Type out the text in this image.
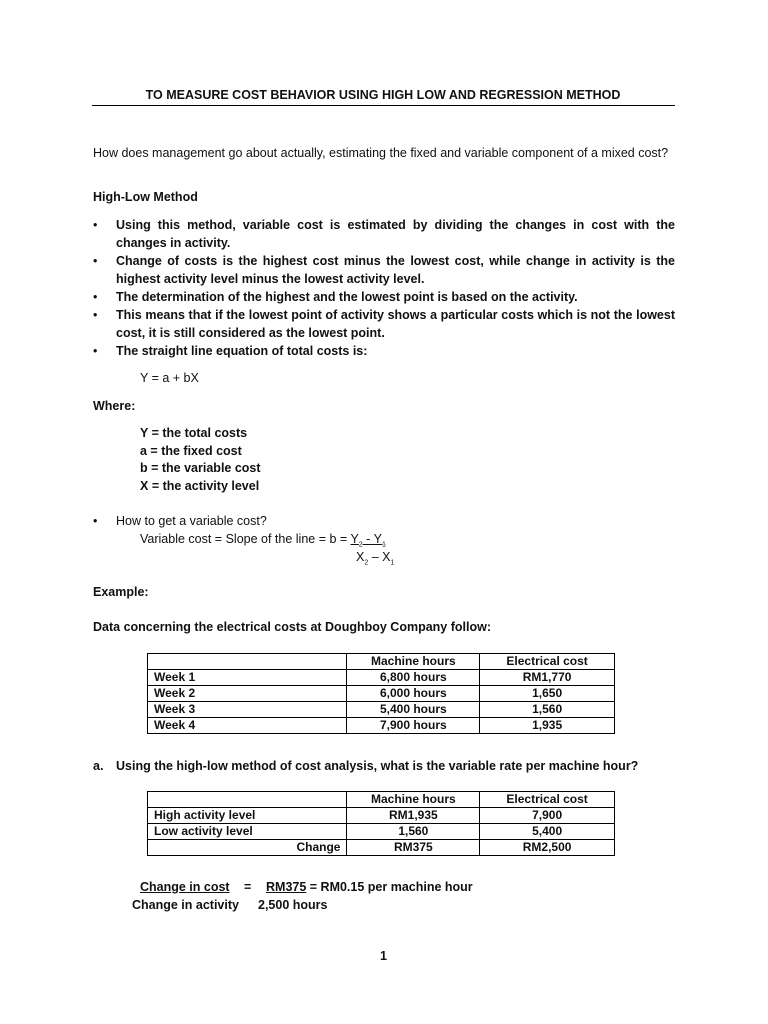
TO MEASURE COST BEHAVIOR USING HIGH LOW AND REGRESSION METHOD
How does management go about actually, estimating the fixed and variable component of a mixed cost?
High-Low Method
•	Using this method, variable cost is estimated by dividing the changes in cost with the changes in activity.
•	Change of costs is the highest cost minus the lowest cost, while change in activity is the highest activity level minus the lowest activity level.
•	The determination of the highest and the lowest point is based on the activity.
•	This means that if the lowest point of activity shows a particular costs which is not the lowest cost, it is still considered as the lowest point.
•	The straight line equation of total costs is:
Y = a + bX
Where:
Y = the total costs
a = the fixed cost
b = the variable cost
X = the activity level
•	How to get a variable cost?
Variable cost = Slope of the line = $b = Y_2 - Y_1$
$X_2 - X_1$
Example:
Data concerning the electrical costs at Doughboy Company follow:
	Machine hours	Electrical cost
Week 1	6,800 hours	RM1,770
Week 2	6,000 hours	1,650
Week 3	5,400 hours	1,560
Week 4	7,900 hours	1,935
a. Using the high-low method of cost analysis, what is the variable rate per machine hour?
	Machine hours	Electrical cost
High activity level	RM1,935	7,900
Low activity level	1,560	5,400
Change	RM375	RM2,500
Change in cost = RM375 = RM0.15 per machine hour
Change in activity 2,500 hours
1
